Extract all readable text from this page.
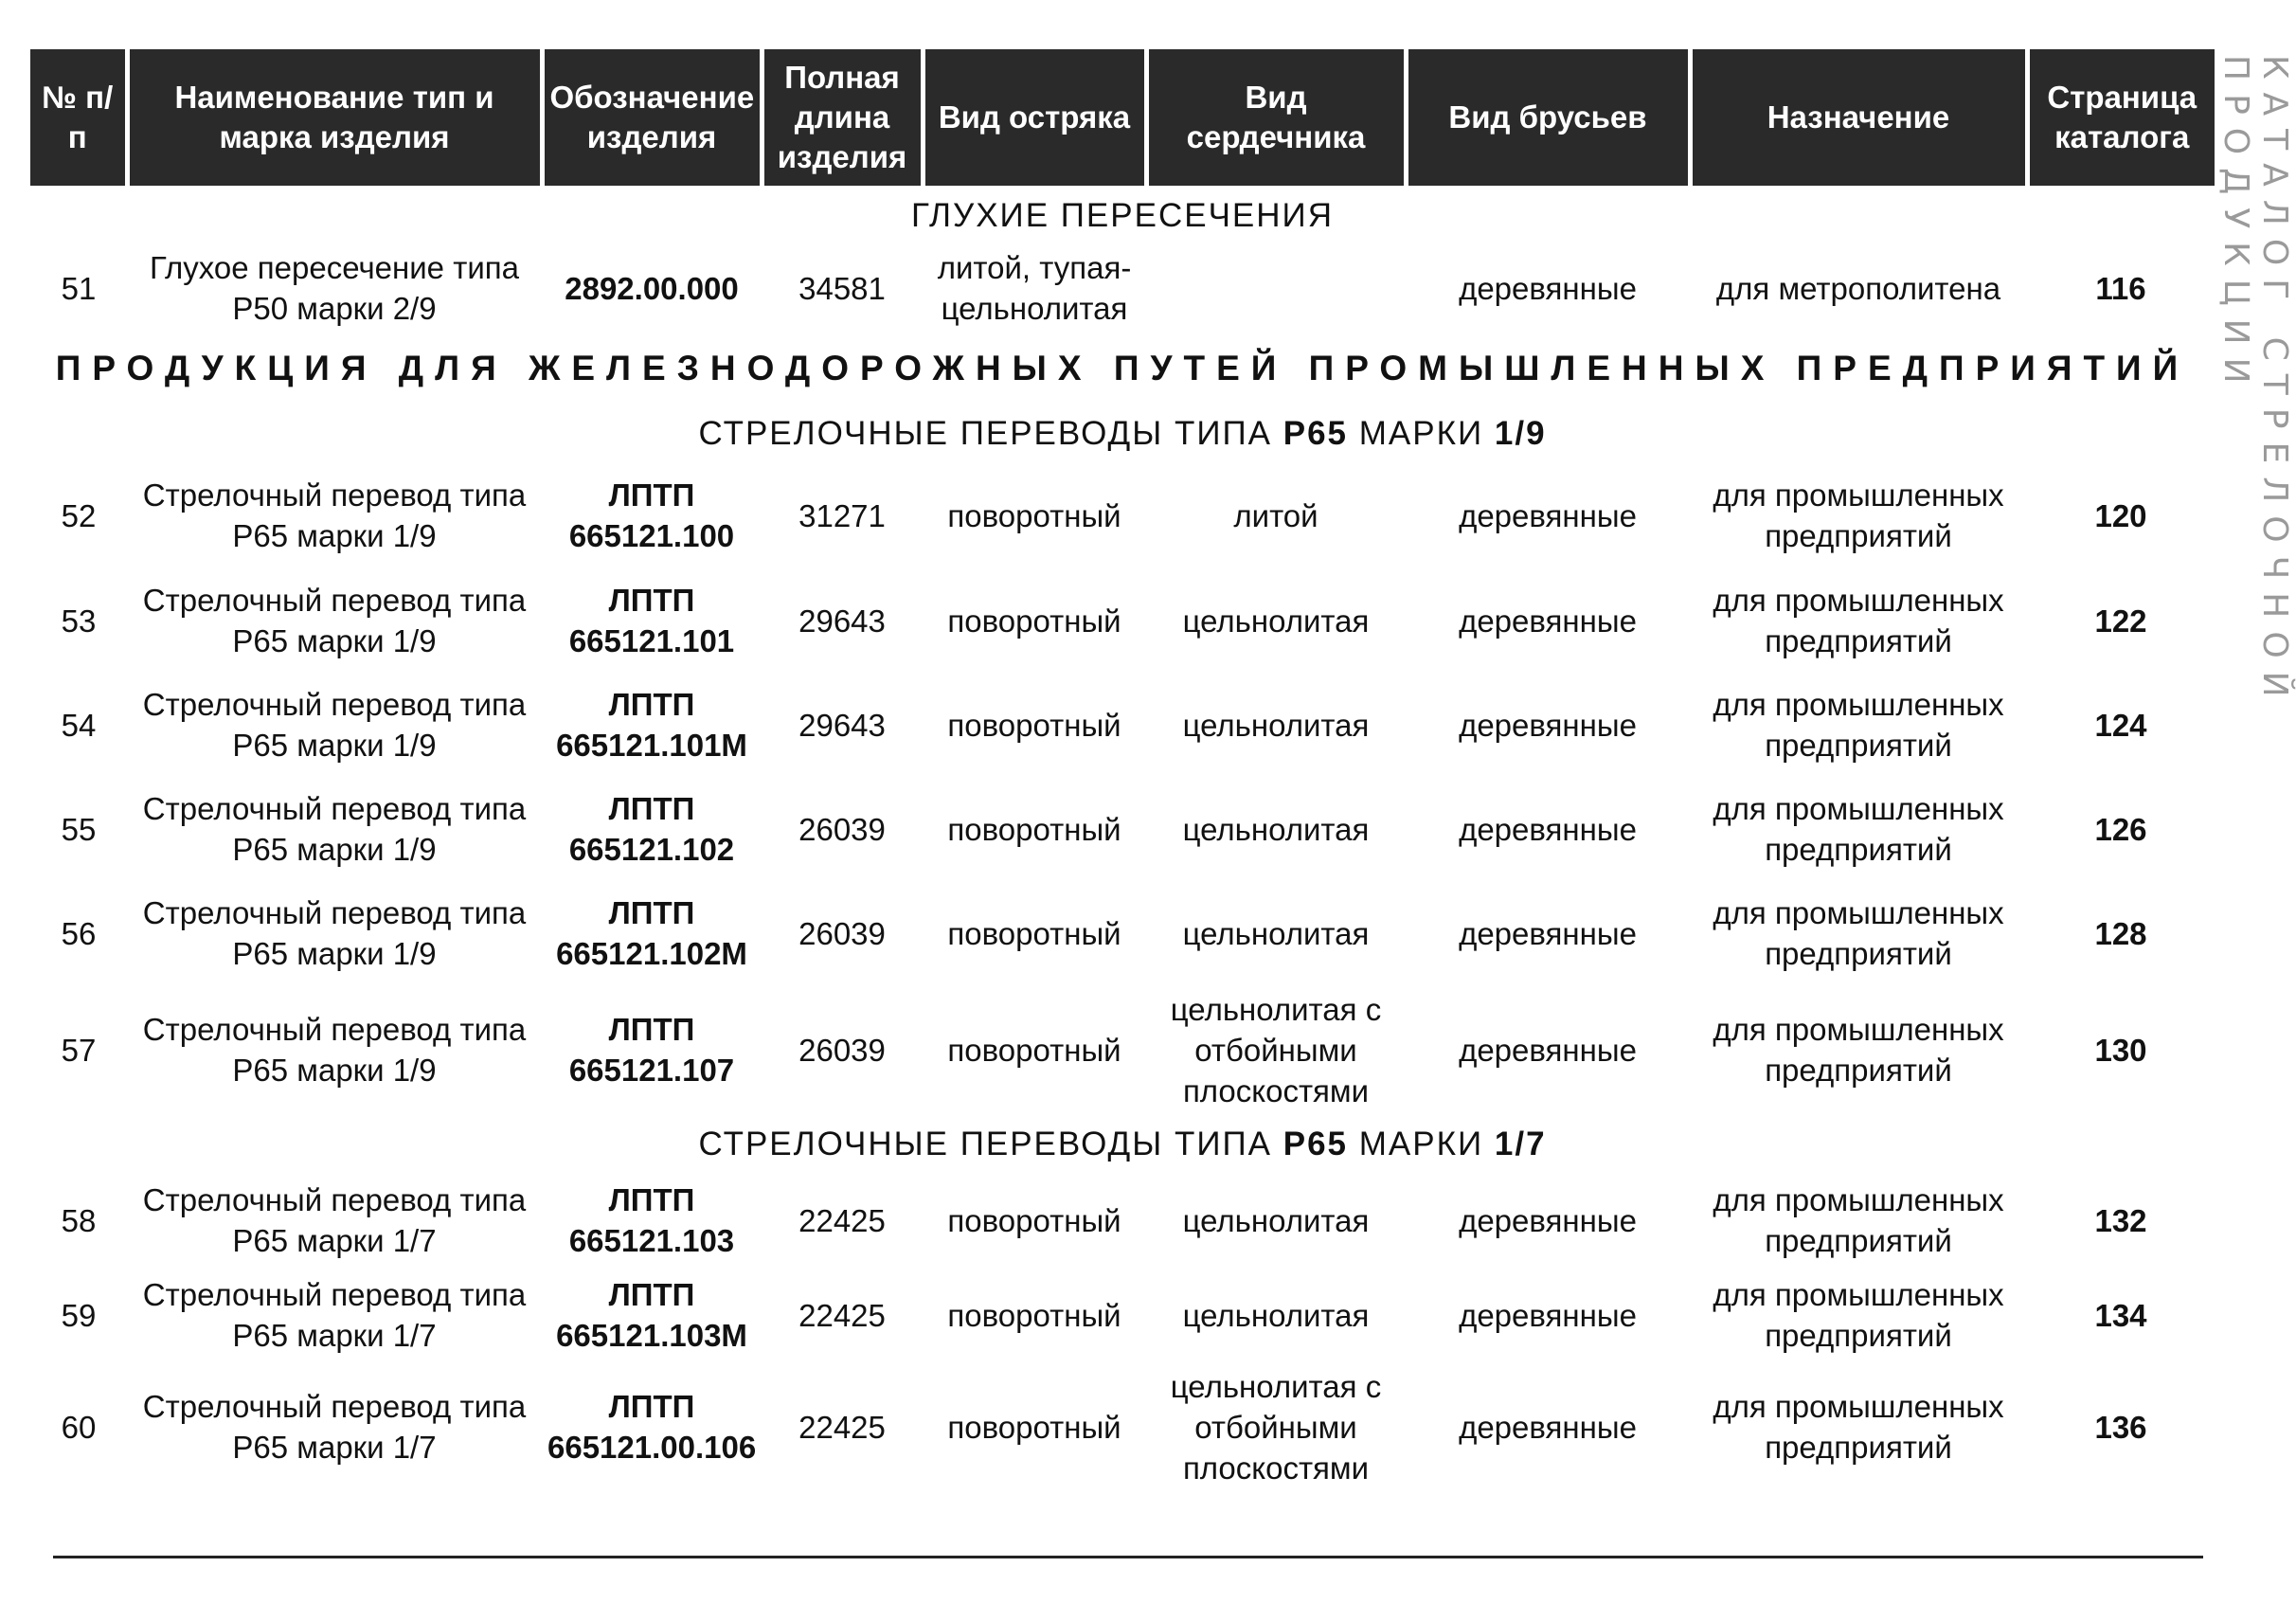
№ п/п	Наименование тип и марка изделия	Обозначение изделия	Полная длина изделия	Вид остряка	Вид сердечника	Вид брусьев	Назначение	Страница каталога
ГЛУХИЕ ПЕРЕСЕЧЕНИЯ								
51	Глухое пересечение типа Р50 марки 2/9	2892.00.000	34581	литой, тупая-цельнолитая		деревянные	для метрополитена	116
ПРОДУКЦИЯ ДЛЯ ЖЕЛЕЗНОДОРОЖНЫХ ПУТЕЙ ПРОМЫШЛЕННЫХ ПРЕДПРИЯТИЙ								
СТРЕЛОЧНЫЕ ПЕРЕВОДЫ ТИПА Р65 МАРКИ 1/9								
52	Стрелочный перевод типа Р65 марки 1/9	ЛПТП 665121.100	31271	поворотный	литой	деревянные	для промышленных предприятий	120
53	Стрелочный перевод типа Р65 марки 1/9	ЛПТП 665121.101	29643	поворотный	цельнолитая	деревянные	для промышленных предприятий	122
54	Стрелочный перевод типа Р65 марки 1/9	ЛПТП 665121.101М	29643	поворотный	цельнолитая	деревянные	для промышленных предприятий	124
55	Стрелочный перевод типа Р65 марки 1/9	ЛПТП 665121.102	26039	поворотный	цельнолитая	деревянные	для промышленных предприятий	126
56	Стрелочный перевод типа Р65 марки 1/9	ЛПТП 665121.102М	26039	поворотный	цельнолитая	деревянные	для промышленных предприятий	128
57	Стрелочный перевод типа Р65 марки 1/9	ЛПТП 665121.107	26039	поворотный	цельнолитая с отбойными плоскостями	деревянные	для промышленных предприятий	130
СТРЕЛОЧНЫЕ ПЕРЕВОДЫ ТИПА Р65 МАРКИ 1/7								
58	Стрелочный перевод типа Р65 марки 1/7	ЛПТП 665121.103	22425	поворотный	цельнолитая	деревянные	для промышленных предприятий	132
59	Стрелочный перевод типа Р65 марки 1/7	ЛПТП 665121.103М	22425	поворотный	цельнолитая	деревянные	для промышленных предприятий	134
60	Стрелочный перевод типа Р65 марки 1/7	ЛПТП 665121.00.106	22425	поворотный	цельнолитая с отбойными плоскостями	деревянные	для промышленных предприятий	136
КАТАЛОГ СТРЕЛОЧНОЙ ПРОДУКЦИИ
